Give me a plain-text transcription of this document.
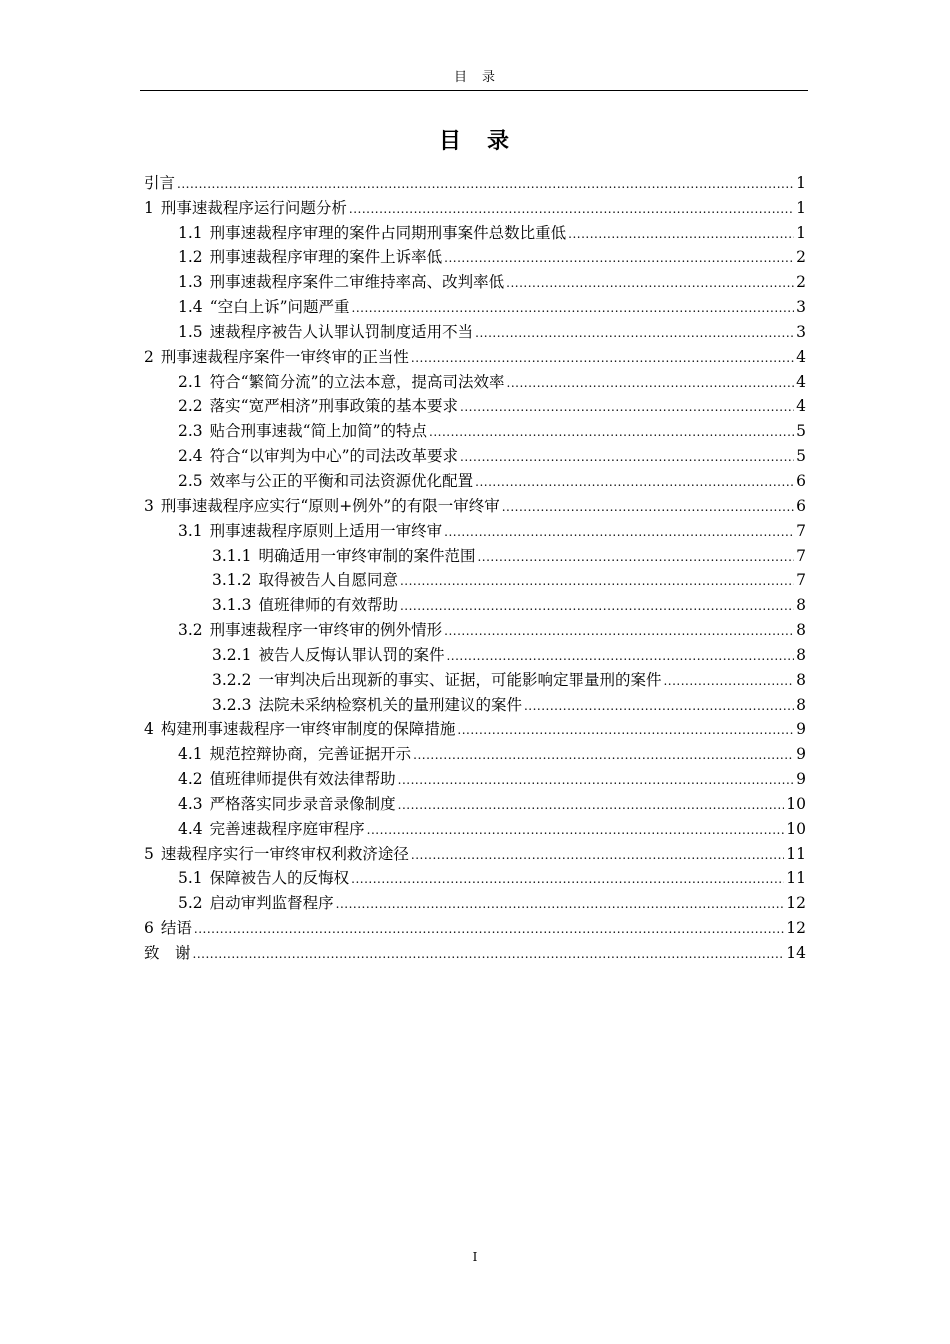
目　录
目　录
引言 .....	1
1 刑事速裁程序运行问题分析 .....	1
1.1 刑事速裁程序审理的案件占同期刑事案件总数比重低 .....	1
1.2 刑事速裁程序审理的案件上诉率低 .....	2
1.3 刑事速裁程序案件二审维持率高、改判率低 .....	2
1.4 “空白上诉”问题严重 .....	3
1.5 速裁程序被告人认罪认罚制度适用不当 .....	3
2 刑事速裁程序案件一审终审的正当性 .....	4
2.1 符合“繁简分流”的立法本意，提高司法效率 .....	4
2.2 落实“宽严相济”刑事政策的基本要求 .....	4
2.3 贴合刑事速裁“简上加简”的特点 .....	5
2.4 符合“以审判为中心”的司法改革要求 .....	5
2.5 效率与公正的平衡和司法资源优化配置 .....	6
3 刑事速裁程序应实行“原则+例外”的有限一审终审 .....	6
3.1 刑事速裁程序原则上适用一审终审 .....	7
3.1.1 明确适用一审终审制的案件范围 .....	7
3.1.2 取得被告人自愿同意 .....	7
3.1.3 值班律师的有效帮助 .....	8
3.2 刑事速裁程序一审终审的例外情形 .....	8
3.2.1 被告人反悔认罪认罚的案件 .....	8
3.2.2 一审判决后出现新的事实、证据，可能影响定罪量刑的案件 .....	8
3.2.3 法院未采纳检察机关的量刑建议的案件 .....	8
4 构建刑事速裁程序一审终审制度的保障措施 .....	9
4.1 规范控辩协商，完善证据开示 .....	9
4.2 值班律师提供有效法律帮助 .....	9
4.3 严格落实同步录音录像制度 .....	10
4.4 完善速裁程序庭审程序 .....	10
5 速裁程序实行一审终审权利救济途径 .....	11
5.1 保障被告人的反悔权 .....	11
5.2 启动审判监督程序 .....	12
6 结语 .....	12
致　谢 .....	14
I
